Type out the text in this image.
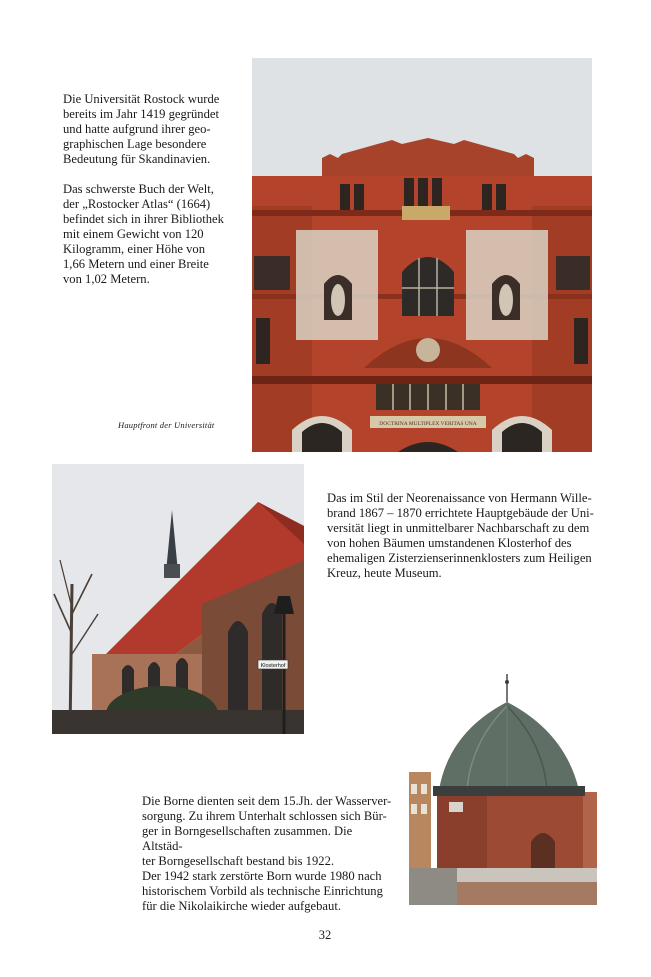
Die Universität Rostock wurde
bereits im Jahr 1419 gegründet
und hatte aufgrund ihrer geo-
graphischen Lage besondere
Bedeutung für Skandinavien.

Das schwerste Buch der Welt,
der „Rostocker Atlas“ (1664)
befindet sich in ihrer Bibliothek
mit einem Gewicht von 120
Kilogramm, einer Höhe von
1,66 Metern und einer Breite
von 1,02 Metern.

Hauptfront der Universität	DOCTRINA MULTIPLEX VERITAS UNA
Klosterhof

Das im Stil der Neorenaissance von Hermann Wille-
brand 1867 – 1870 errichtete Hauptgebäude der Uni-
versität liegt in unmittelbarer Nachbarschaft zu dem
von hohen Bäumen umstandenen Klosterhof des
ehemaligen Zisterzienserinnenklosters zum Heiligen
Kreuz, heute Museum.

Die Borne dienten seit dem 15.Jh. der Wasserver-
sorgung. Zu ihrem Unterhalt schlossen sich Bür-
ger in Borngesellschaften zusammen. Die Altstäd-
ter Borngesellschaft bestand bis 1922.
Der 1942 stark zerstörte Born wurde 1980 nach
historischem Vorbild als technische Einrichtung
für die Nikolaikirche wieder aufgebaut.

32
